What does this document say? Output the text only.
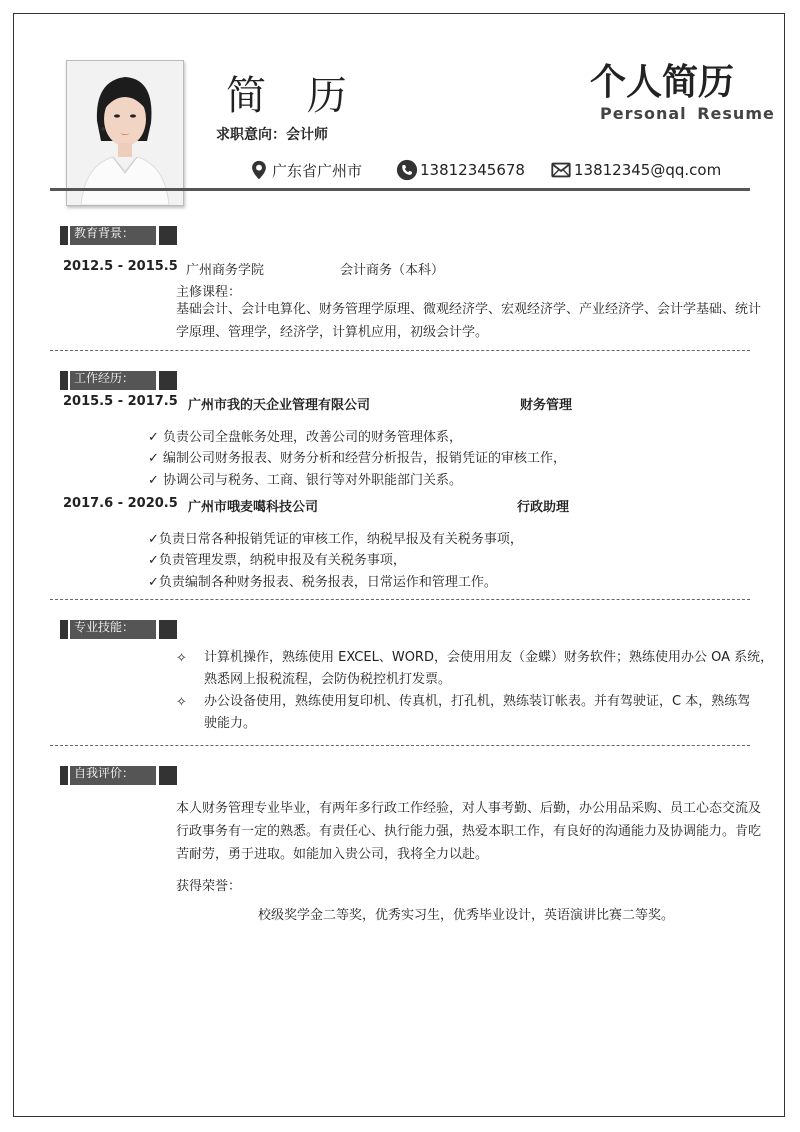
简 历
求职意向：会计师
个人简历
Personal Resume
广东省广州市	13812345678	13812345@qq.com
教育背景：
2012.5 - 2015.5 广州商务学院	会计商务（本科）
主修课程：
基础会计、会计电算化、财务管理学原理、微观经济学、宏观经济学、产业经济学、会计学基础、统计
学原理、管理学，经济学，计算机应用，初级会计学。
工作经历：
2015.5 - 2017.5 广州市我的天企业管理有限公司	财务管理
✓ 负责公司全盘帐务处理，改善公司的财务管理体系，
✓ 编制公司财务报表、财务分析和经营分析报告，报销凭证的审核工作，
✓ 协调公司与税务、工商、银行等对外职能部门关系。
2017.6 - 2020.5 广州市哦麦噶科技公司	行政助理
✓负责日常各种报销凭证的审核工作，纳税早报及有关税务事项，
✓负责管理发票，纳税申报及有关税务事项，
✓负责编制各种财务报表、税务报表，日常运作和管理工作。
专业技能：
✧ 计算机操作，熟练使用 EXCEL、WORD，会使用用友（金蝶）财务软件；熟练使用办公 OA 系统，
熟悉网上报税流程，会防伪税控机打发票。
✧ 办公设备使用，熟练使用复印机、传真机，打孔机，熟练装订帐表。并有驾驶证，C 本，熟练驾
驶能力。
自我评价：
本人财务管理专业毕业，有两年多行政工作经验，对人事考勤、后勤，办公用品采购、员工心态交流及
行政事务有一定的熟悉。有责任心、执行能力强，热爱本职工作，有良好的沟通能力及协调能力。肯吃
苦耐劳，勇于进取。如能加入贵公司，我将全力以赴。
获得荣誉：
校级奖学金二等奖，优秀实习生，优秀毕业设计，英语演讲比赛二等奖。
